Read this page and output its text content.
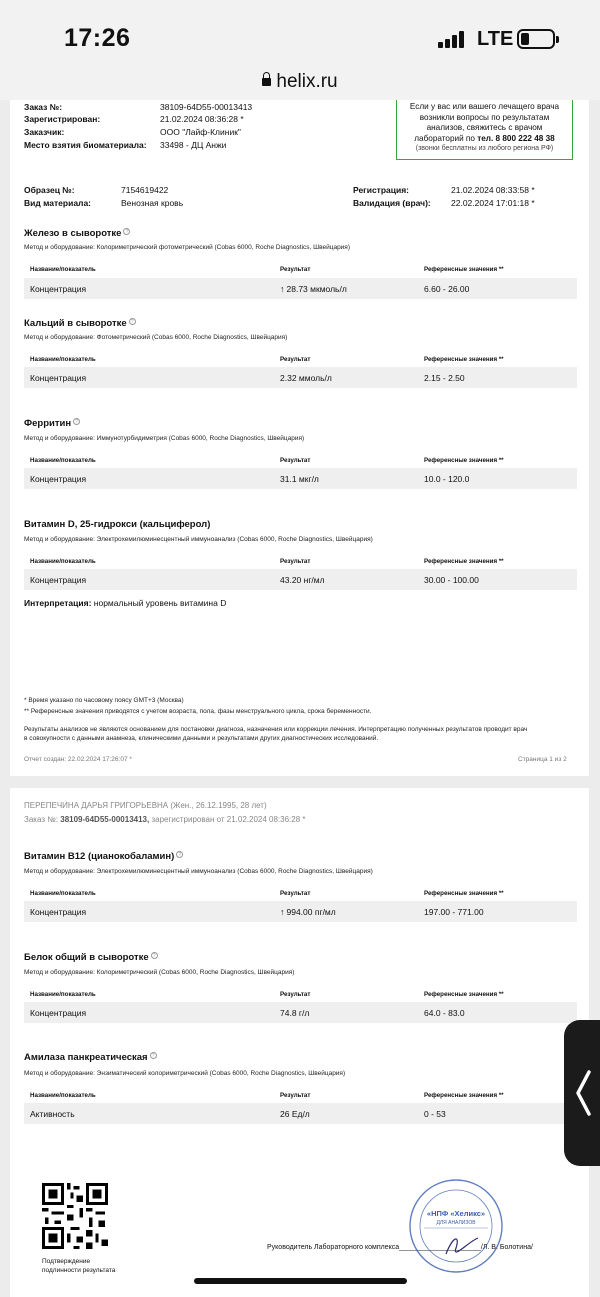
17:26	LTE
helix.ru
Заказ №:	38109-64D55-00013413
Зарегистрирован:	21.02.2024 08:36:28 *
Заказчик:	ООО "Лайф-Клиник"
Место взятия биоматериала: 33498 - ДЦ Анжи
Если у вас или вашего лечащего врача
возникли вопросы по результатам
анализов, свяжитесь с врачом
лабораторий по тел. 8 800 222 48 38
(звонки бесплатны из любого региона РФ)
Образец №:	7154619422
Вид материала:	Венозная кровь
Регистрация:	21.02.2024 08:33:58 *
Валидация (врач): 22.02.2024 17:01:18 *
Железо в сыворотке ?
Метод и оборудование: Колориметрический фотометрический (Cobas 6000, Roche Diagnostics, Швейцария)
Название/показатель	Результат	Референсные значения **
Концентрация	↑ 28.73 мкмоль/л	6.60 - 26.00
Кальций в сыворотке ?
Метод и оборудование: Фотометрический (Cobas 6000, Roche Diagnostics, Швейцария)
Название/показатель	Результат	Референсные значения **
Концентрация	2.32 ммоль/л	2.15 - 2.50
Ферритин ?
Метод и оборудование: Иммунотурбидиметрия (Cobas 6000, Roche Diagnostics, Швейцария)
Название/показатель	Результат	Референсные значения **
Концентрация	31.1 мкг/л	10.0 - 120.0
Витамин D, 25-гидрокси (кальциферол)
Метод и оборудование: Электрохемилюминесцентный иммуноанализ (Cobas 6000, Roche Diagnostics, Швейцария)
Название/показатель	Результат	Референсные значения **
Концентрация	43.20 нг/мл	30.00 - 100.00
Интерпретация: нормальный уровень витамина D
* Время указано по часовому поясу GMT+3 (Москва)
** Референсные значения приводятся с учетом возраста, пола, фазы менструального цикла, срока беременности.
Результаты анализов не являются основанием для постановки диагноза, назначения или коррекции лечения. Интерпретацию полученных результатов проводит врач
в совокупности с данными анамнеза, клиническими данными и результатами других диагностических исследований.
Отчет создан: 22.02.2024 17:26:07 *	Страница 1 из 2
ПЕРЕПЕЧИНА ДАРЬЯ ГРИГОРЬЕВНА (Жен., 26.12.1995, 28 лет)
Заказ №: 38109-64D55-00013413, зарегистрирован от 21.02.2024 08:36:28 *
Витамин B12 (цианокобаламин) ?
Метод и оборудование: Электрохемилюминесцентный иммуноанализ (Cobas 6000, Roche Diagnostics, Швейцария)
Название/показатель	Результат	Референсные значения **
Концентрация	↑ 994.00 пг/мл	197.00 - 771.00
Белок общий в сыворотке ?
Метод и оборудование: Колориметрический (Cobas 6000, Roche Diagnostics, Швейцария)
Название/показатель	Результат	Референсные значения **
Концентрация	74.8 г/л	64.0 - 83.0
Амилаза панкреатическая ?
Метод и оборудование: Энзиматический колориметрический (Cobas 6000, Roche Diagnostics, Швейцария)
Название/показатель	Результат	Референсные значения **
Активность	26 Ед/л	0 - 53
Подтверждение
подлинности результата
Руководитель Лабораторного комплекса_____________________/Л. В. Болотина/
«НПФ «Хеликс»
ДЛЯ АНАЛИЗОВ
